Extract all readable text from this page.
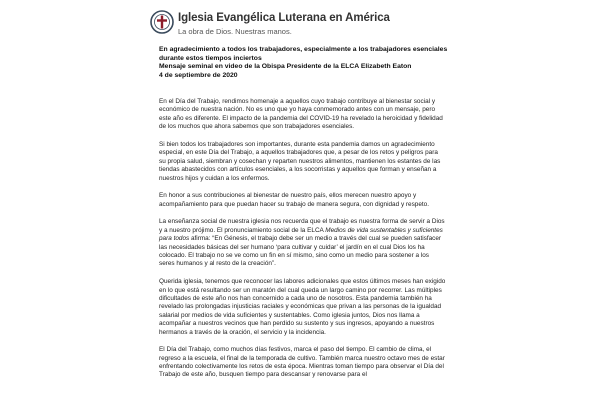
Iglesia Evangélica Luterana en América
La obra de Dios. Nuestras manos.
En agradecimiento a todos los trabajadores, especialmente a los trabajadores esenciales
durante estos tiempos inciertos
Mensaje seminal en video de la Obispa Presidente de la ELCA Elizabeth Eaton
4 de septiembre de 2020

En el Día del Trabajo, rendimos homenaje a aquellos cuyo trabajo contribuye al bienestar social y económico de nuestra nación. No es uno que yo haya conmemorado antes con un mensaje, pero este año es diferente. El impacto de la pandemia del COVID-19 ha revelado la heroicidad y fidelidad de los muchos que ahora sabemos que son trabajadores esenciales.

Si bien todos los trabajadores son importantes, durante esta pandemia damos un agradecimiento especial, en este Día del Trabajo, a aquellos trabajadores que, a pesar de los retos y peligros para su propia salud, siembran y cosechan y reparten nuestros alimentos, mantienen los estantes de las tiendas abastecidos con artículos esenciales, a los socorristas y aquellos que forman y enseñan a nuestros hijos y cuidan a los enfermos.

En honor a sus contribuciones al bienestar de nuestro país, ellos merecen nuestro apoyo y acompañamiento para que puedan hacer su trabajo de manera segura, con dignidad y respeto.

La enseñanza social de nuestra iglesia nos recuerda que el trabajo es nuestra forma de servir a Dios y a nuestro prójimo. El pronunciamiento social de la ELCA Medios de vida sustentables y suficientes para todos afirma: “En Génesis, el trabajo debe ser un medio a través del cual se pueden satisfacer las necesidades básicas del ser humano ‘para cultivar y cuidar’ el jardín en el cual Dios los ha colocado. El trabajo no se ve como un fin en sí mismo, sino como un medio para sostener a los seres humanos y al resto de la creación”.

Querida iglesia, tenemos que reconocer las labores adicionales que estos últimos meses han exigido en lo que está resultando ser un maratón del cual queda un largo camino por recorrer. Las múltiples dificultades de este año nos han concernido a cada uno de nosotros. Esta pandemia también ha revelado las prolongadas injusticias raciales y económicas que privan a las personas de la igualdad salarial por medios de vida suficientes y sustentables. Como iglesia juntos, Dios nos llama a acompañar a nuestros vecinos que han perdido su sustento y sus ingresos, apoyando a nuestros hermanos a través de la oración, el servicio y la incidencia.

El Día del Trabajo, como muchos días festivos, marca el paso del tiempo. El cambio de clima, el regreso a la escuela, el final de la temporada de cultivo. También marca nuestro octavo mes de estar enfrentando colectivamente los retos de esta época. Mientras toman tiempo para observar el Día del Trabajo de este año, busquen tiempo para descansar y renovarse para el
